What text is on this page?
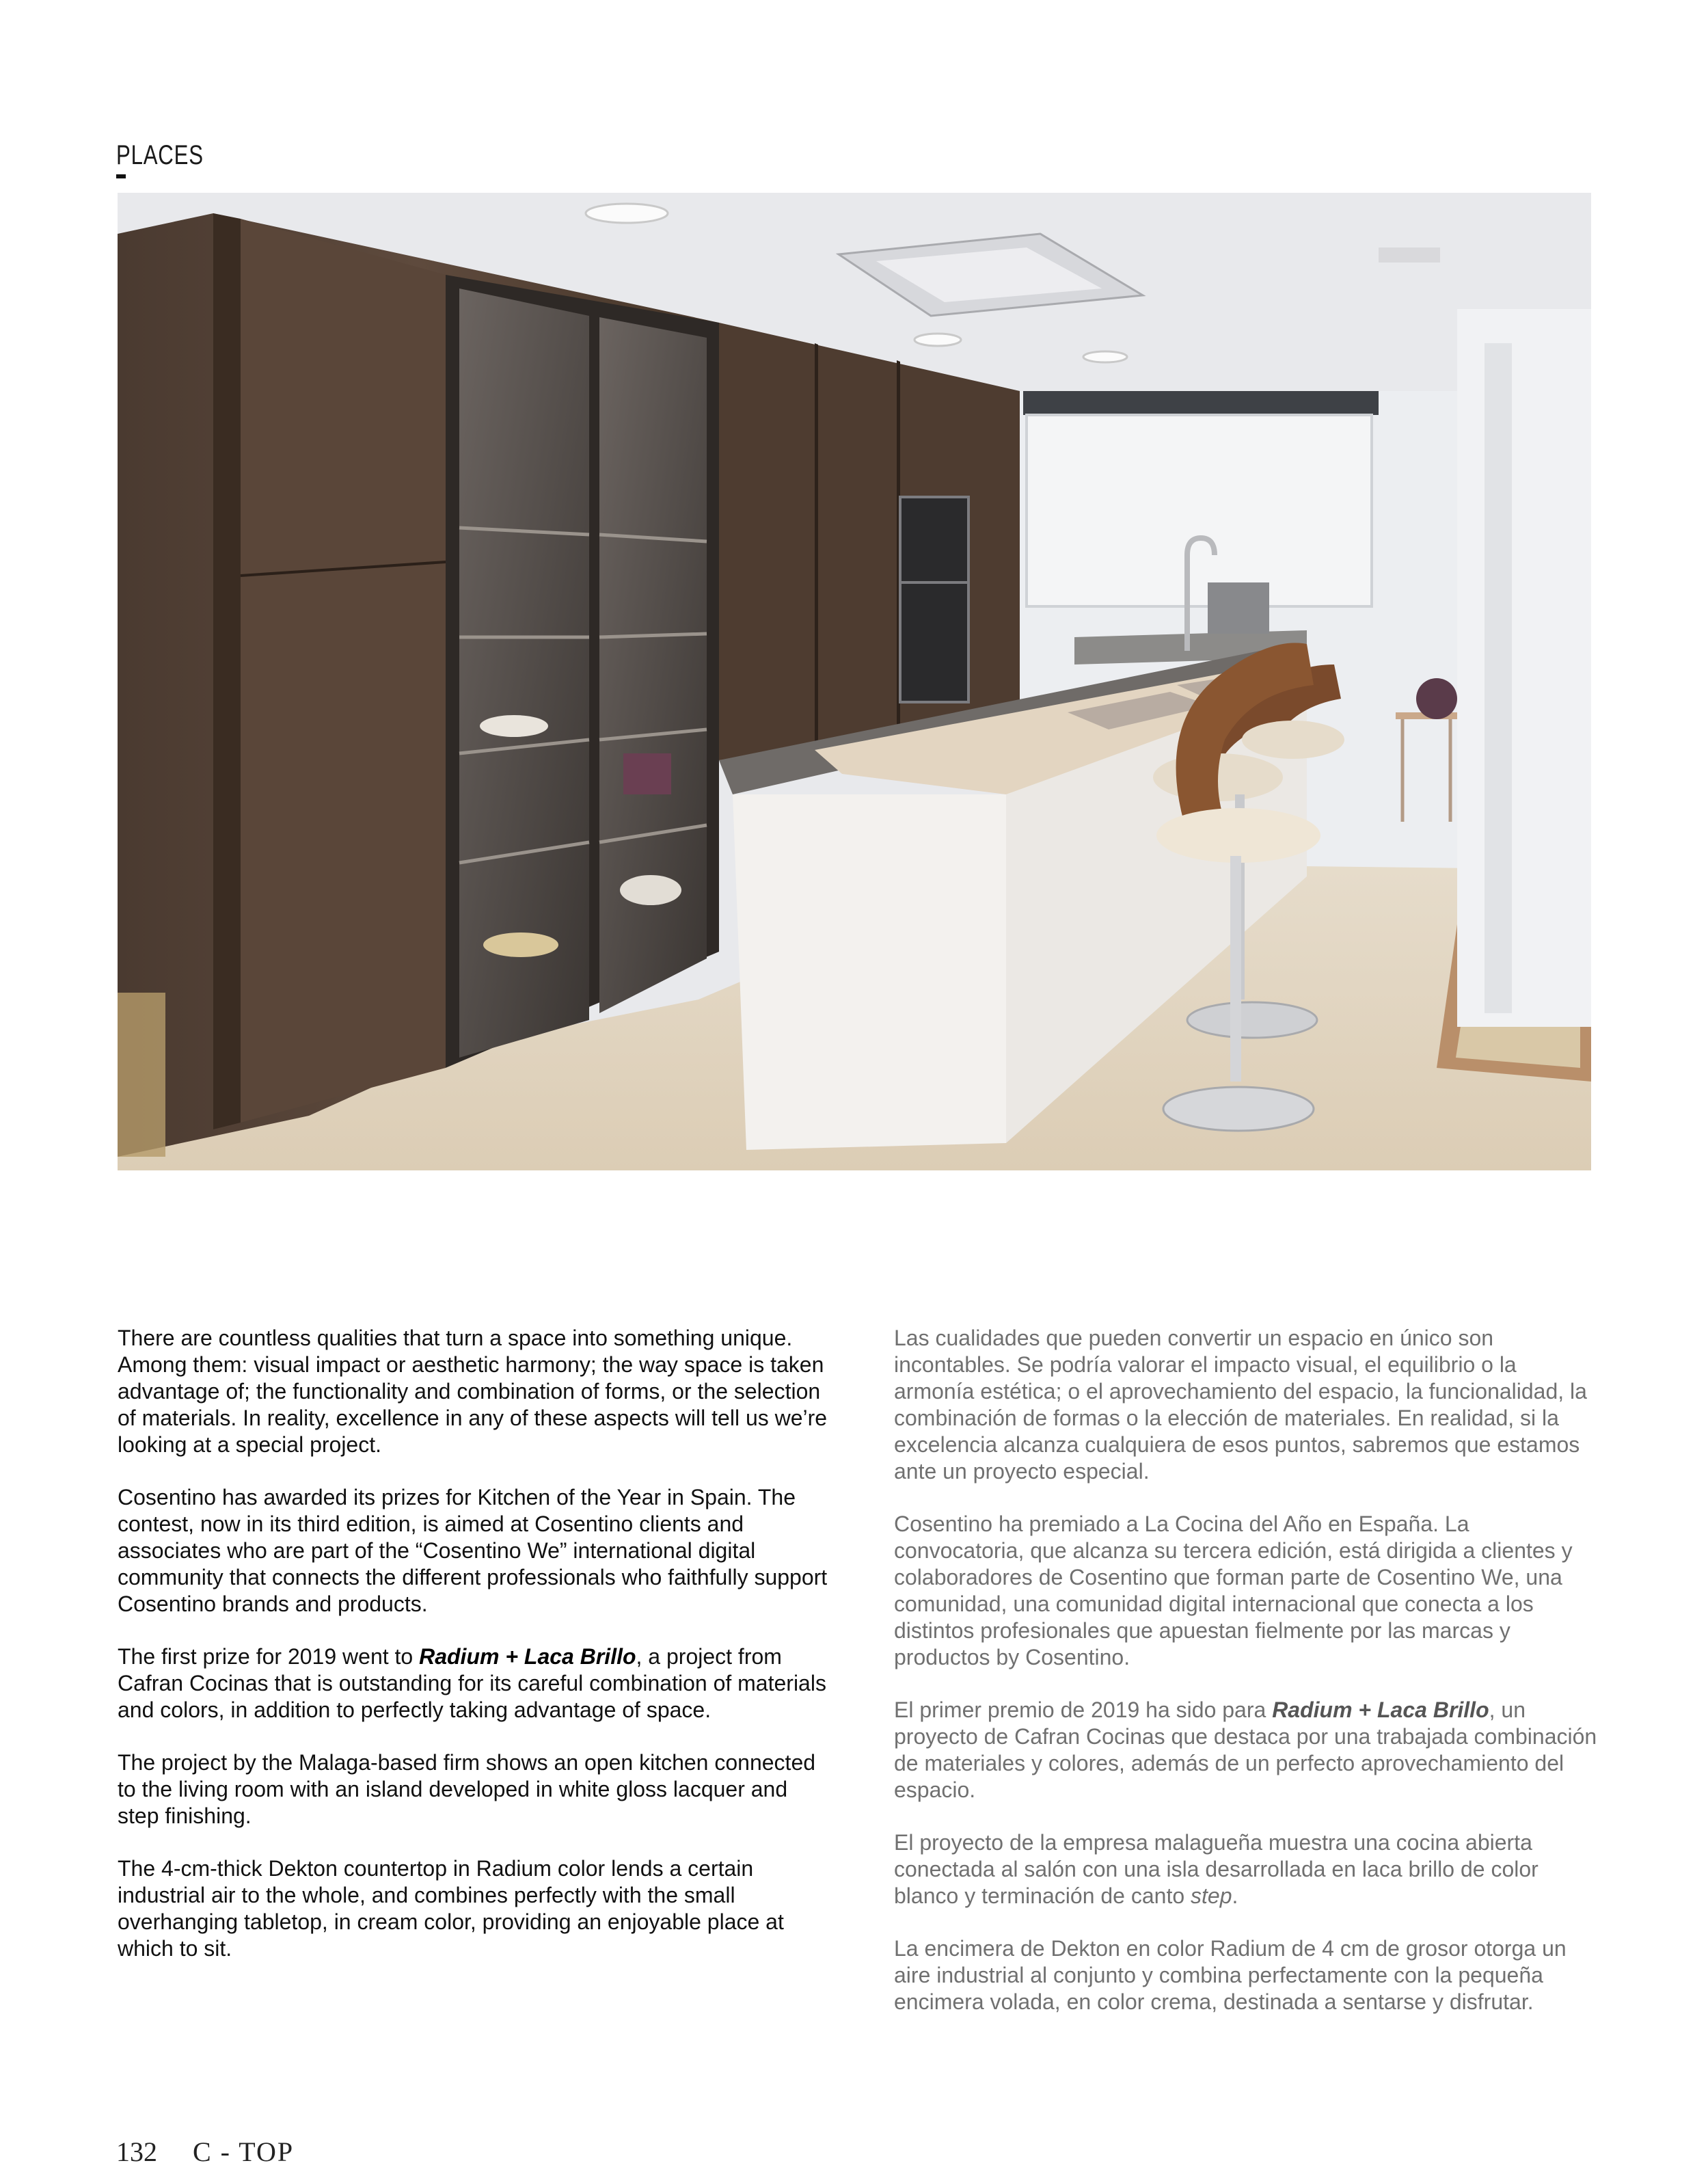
PLACES

There are countless qualities that turn a space into something unique. Among them: visual impact or aesthetic harmony; the way space is taken advantage of; the functionality and combination of forms, or the selection of materials. In reality, excellence in any of these aspects will tell us we’re looking at a special project.

Cosentino has awarded its prizes for Kitchen of the Year in Spain. The contest, now in its third edition, is aimed at Cosentino clients and associates who are part of the “Cosentino We” international digital community that connects the different professionals who faithfully support Cosentino brands and products.

The first prize for 2019 went to Radium + Laca Brillo, a project from Cafran Cocinas that is outstanding for its careful combination of materials and colors, in addition to perfectly taking advantage of space.

The project by the Malaga-based firm shows an open kitchen connected to the living room with an island developed in white gloss lacquer and step finishing.

The 4-cm-thick Dekton countertop in Radium color lends a certain industrial air to the whole, and combines perfectly with the small overhanging tabletop, in cream color, providing an enjoyable place at which to sit.

Las cualidades que pueden convertir un espacio en único son incontables. Se podría valorar el impacto visual, el equilibrio o la armonía estética; o el aprovechamiento del espacio, la funcionalidad, la combinación de formas o la elección de materiales. En realidad, si la excelencia alcanza cualquiera de esos puntos, sabremos que estamos ante un proyecto especial.

Cosentino ha premiado a La Cocina del Año en España. La convocatoria, que alcanza su tercera edición, está dirigida a clientes y colaboradores de Cosentino que forman parte de Cosentino We, una comunidad, una comunidad digital internacional que conecta a los distintos profesionales que apuestan fielmente por las marcas y productos by Cosentino.

El primer premio de 2019 ha sido para Radium + Laca Brillo, un proyecto de Cafran Cocinas que destaca por una trabajada combinación de materiales y colores, además de un perfecto aprovechamiento del espacio.

El proyecto de la empresa malagueña muestra una cocina abierta conectada al salón con una isla desarrollada en laca brillo de color blanco y terminación de canto step.

La encimera de Dekton en color Radium de 4 cm de grosor otorga un aire industrial al conjunto y combina perfectamente con la pequeña encimera volada, en color crema, destinada a sentarse y disfrutar.

132 C - TOP
